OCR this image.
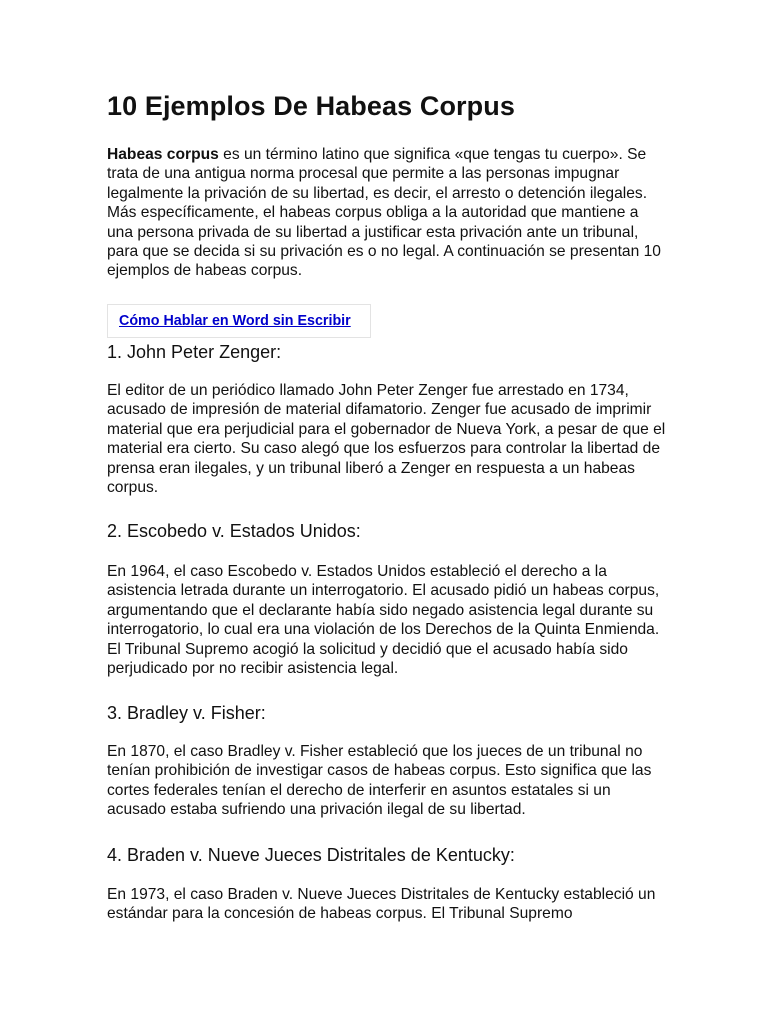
10 Ejemplos De Habeas Corpus

Habeas corpus es un término latino que significa «que tengas tu cuerpo». Se trata de una antigua norma procesal que permite a las personas impugnar legalmente la privación de su libertad, es decir, el arresto o detención ilegales. Más específicamente, el habeas corpus obliga a la autoridad que mantiene a una persona privada de su libertad a justificar esta privación ante un tribunal, para que se decida si su privación es o no legal. A continuación se presentan 10 ejemplos de habeas corpus.

Cómo Hablar en Word sin Escribir
1. John Peter Zenger:

El editor de un periódico llamado John Peter Zenger fue arrestado en 1734, acusado de impresión de material difamatorio. Zenger fue acusado de imprimir material que era perjudicial para el gobernador de Nueva York, a pesar de que el material era cierto. Su caso alegó que los esfuerzos para controlar la libertad de prensa eran ilegales, y un tribunal liberó a Zenger en respuesta a un habeas corpus.

2. Escobedo v. Estados Unidos:

En 1964, el caso Escobedo v. Estados Unidos estableció el derecho a la asistencia letrada durante un interrogatorio. El acusado pidió un habeas corpus, argumentando que el declarante había sido negado asistencia legal durante su interrogatorio, lo cual era una violación de los Derechos de la Quinta Enmienda. El Tribunal Supremo acogió la solicitud y decidió que el acusado había sido perjudicado por no recibir asistencia legal.

3. Bradley v. Fisher:

En 1870, el caso Bradley v. Fisher estableció que los jueces de un tribunal no tenían prohibición de investigar casos de habeas corpus. Esto significa que las cortes federales tenían el derecho de interferir en asuntos estatales si un acusado estaba sufriendo una privación ilegal de su libertad.

4. Braden v. Nueve Jueces Distritales de Kentucky:

En 1973, el caso Braden v. Nueve Jueces Distritales de Kentucky estableció un estándar para la concesión de habeas corpus. El Tribunal Supremo
